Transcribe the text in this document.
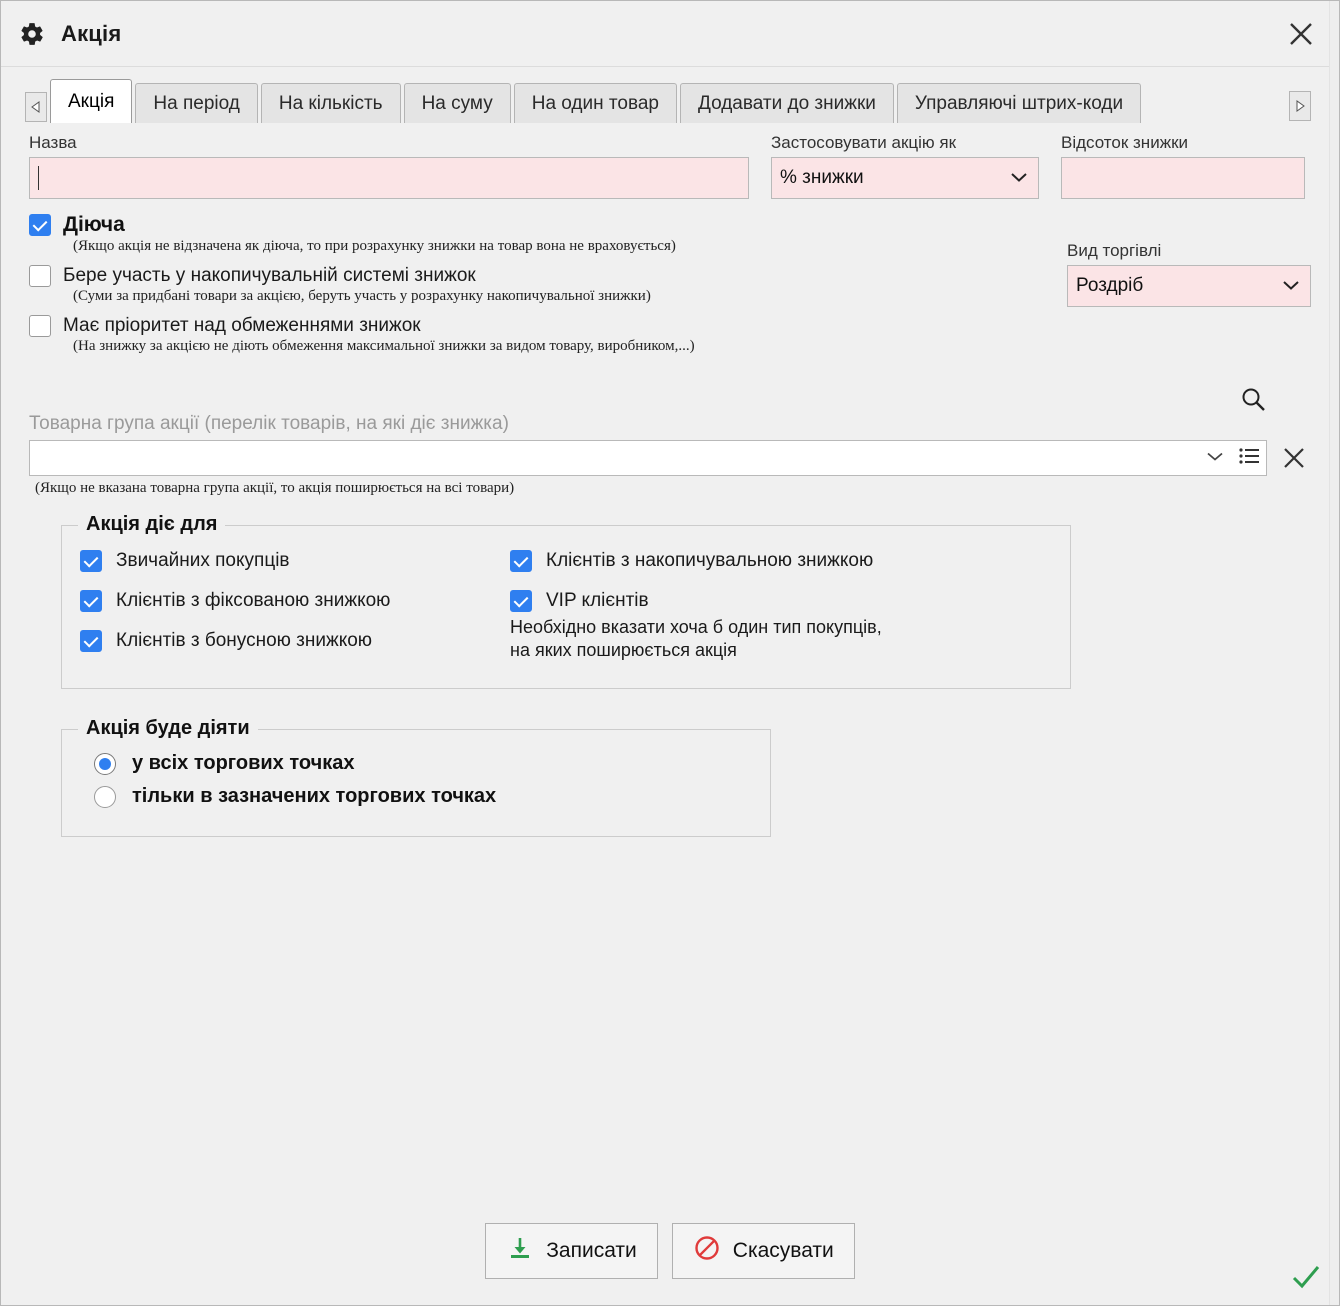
Акція
Акція На період На кількість На суму На один товар Додавати до знижки Управляючі штрих-коди
Назва	Застосовувати акцію як
% знижки
Відсоток знижки
Вид торгівлі
Роздріб
Діюча
(Якщо акція не відзначена як діюча, то при розрахунку знижки на товар вона не враховується)
Бере участь у накопичувальній системі знижок
(Суми за придбані товари за акцією, беруть участь у розрахунку накопичувальної знижки)
Має пріоритет над обмеженнями знижок
(На знижку за акцією не діють обмеження максимальної знижки за видом товару, виробником,...)
Товарна група акції (перелік товарів, на які діє знижка)
(Якщо не вказана товарна група акції, то акція поширюється на всі товари)
Акція діє для
Звичайних покупців
Клієнтів з фіксованою знижкою
Клієнтів з бонусною знижкою
Клієнтів з накопичувальною знижкою
VIP клієнтів
Необхідно вказати хоча б один тип покупців,
на яких поширюється акція
Акція буде діяти
у всіх торгових точках
тільки в зазначених торгових точках
Записати	Скасувати
